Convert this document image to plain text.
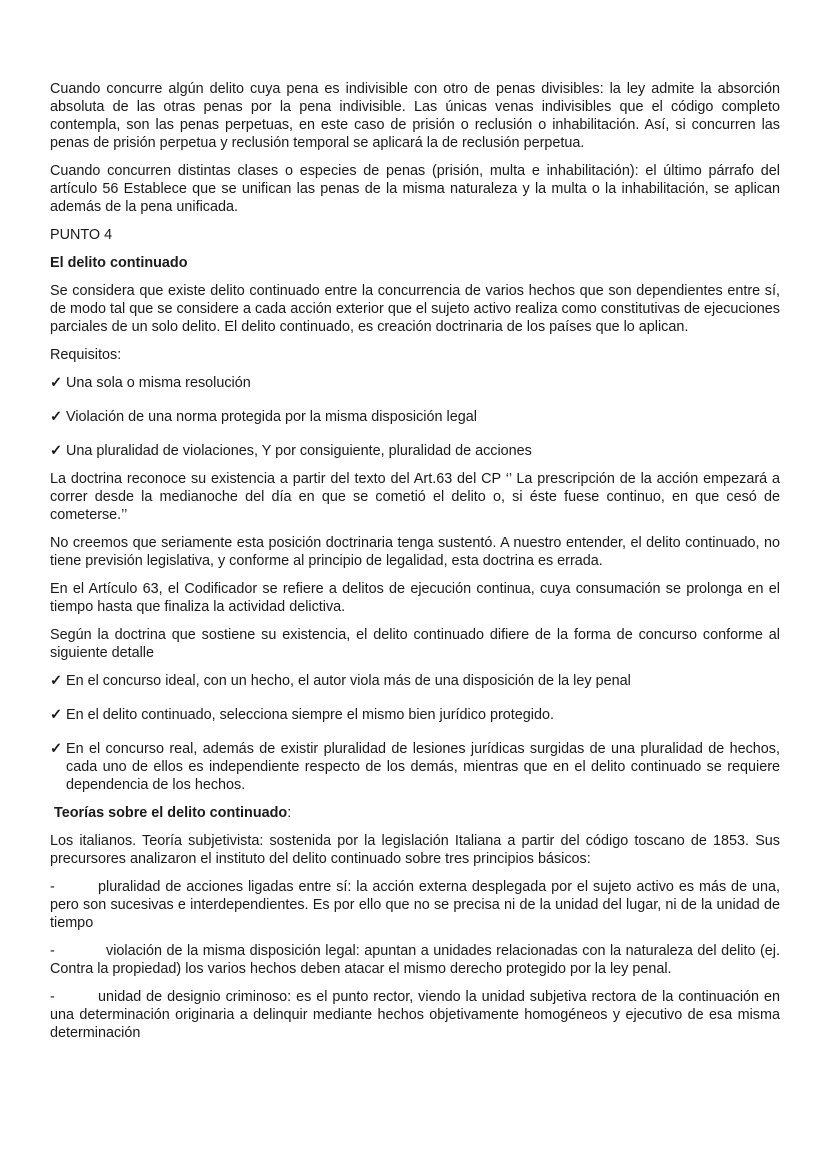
Cuando concurre algún delito cuya pena es indivisible con otro de penas divisibles: la ley admite la absorción absoluta de las otras penas por la pena indivisible. Las únicas venas indivisibles que el código completo contempla, son las penas perpetuas, en este caso de prisión o reclusión o inhabilitación. Así, si concurren las penas de prisión perpetua y reclusión temporal se aplicará la de reclusión perpetua.

Cuando concurren distintas clases o especies de penas (prisión, multa e inhabilitación): el último párrafo del artículo 56 Establece que se unifican las penas de la misma naturaleza y la multa o la inhabilitación, se aplican además de la pena unificada.

PUNTO 4

El delito continuado

Se considera que existe delito continuado entre la concurrencia de varios hechos que son dependientes entre sí, de modo tal que se considere a cada acción exterior que el sujeto activo realiza como constitutivas de ejecuciones parciales de un solo delito. El delito continuado, es creación doctrinaria de los países que lo aplican.

Requisitos:

✓ Una sola o misma resolución
✓ Violación de una norma protegida por la misma disposición legal
✓ Una pluralidad de violaciones, Y por consiguiente, pluralidad de acciones

La doctrina reconoce su existencia a partir del texto del Art.63 del CP ‘’ La prescripción de la acción empezará a correr desde la medianoche del día en que se cometió el delito o, si éste fuese continuo, en que cesó de cometerse.’’

No creemos que seriamente esta posición doctrinaria tenga sustentó. A nuestro entender, el delito continuado, no tiene previsión legislativa, y conforme al principio de legalidad, esta doctrina es errada.

En el Artículo 63, el Codificador se refiere a delitos de ejecución continua, cuya consumación se prolonga en el tiempo hasta que finaliza la actividad delictiva.

Según la doctrina que sostiene su existencia, el delito continuado difiere de la forma de concurso conforme al siguiente detalle

✓ En el concurso ideal, con un hecho, el autor viola más de una disposición de la ley penal
✓ En el delito continuado, selecciona siempre el mismo bien jurídico protegido.
✓ En el concurso real, además de existir pluralidad de lesiones jurídicas surgidas de una pluralidad de hechos, cada uno de ellos es independiente respecto de los demás, mientras que en el delito continuado se requiere dependencia de los hechos.

Teorías sobre el delito continuado:

Los italianos. Teoría subjetivista: sostenida por la legislación Italiana a partir del código toscano de 1853. Sus precursores analizaron el instituto del delito continuado sobre tres principios básicos:

-	pluralidad de acciones ligadas entre sí: la acción externa desplegada por el sujeto activo es más de una, pero son sucesivas e interdependientes. Es por ello que no se precisa ni de la unidad del lugar, ni de la unidad de tiempo
-	violación de la misma disposición legal: apuntan a unidades relacionadas con la naturaleza del delito (ej. Contra la propiedad) los varios hechos deben atacar el mismo derecho protegido por la ley penal.
-	unidad de designio criminoso: es el punto rector, viendo la unidad subjetiva rectora de la continuación en una determinación originaria a delinquir mediante hechos objetivamente homogéneos y ejecutivo de esa misma determinación
